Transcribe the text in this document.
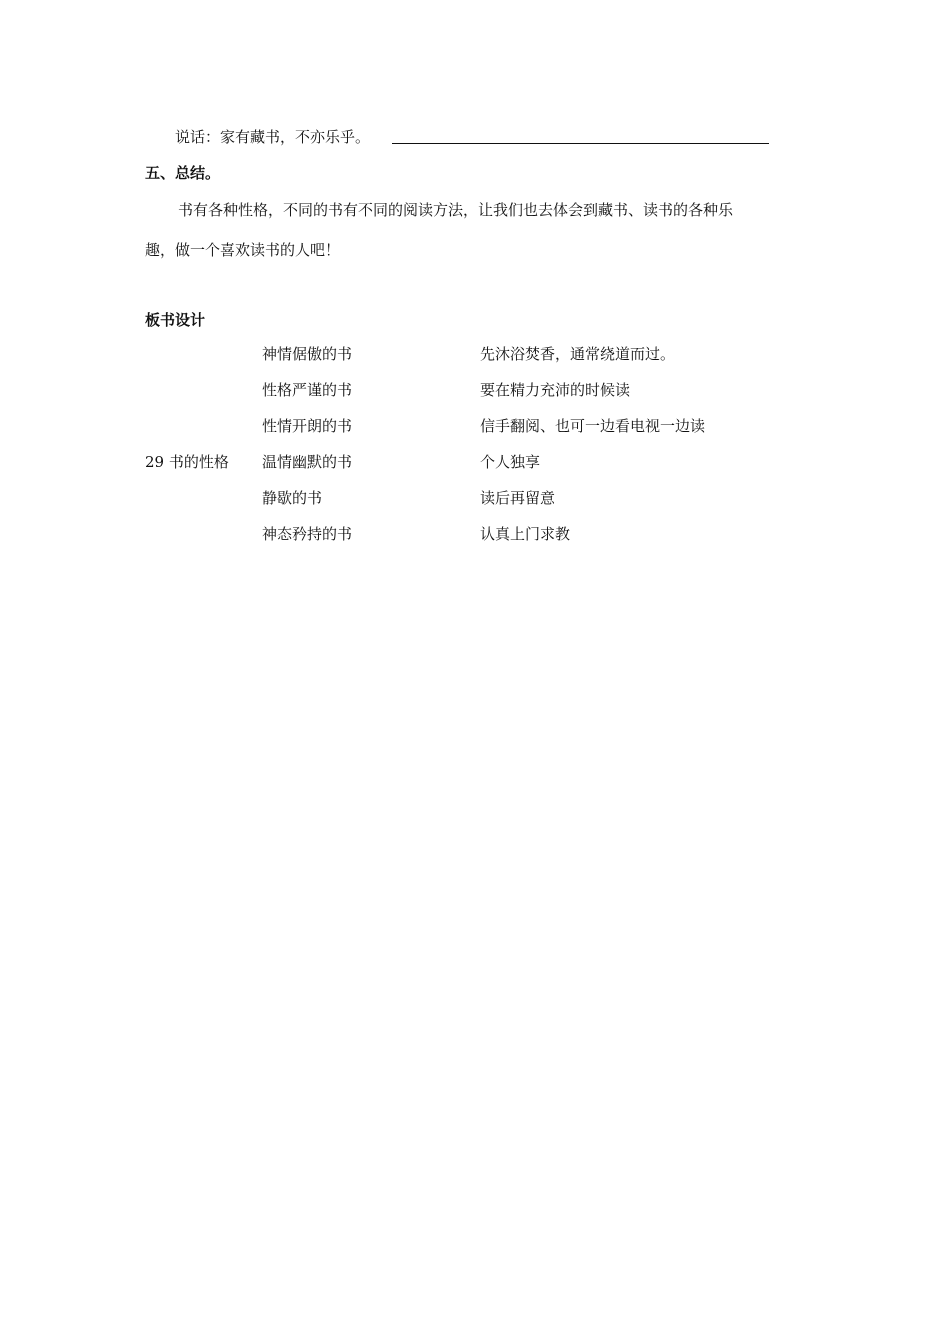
说话：家有藏书，不亦乐乎。
五、总结。
书有各种性格，不同的书有不同的阅读方法，让我们也去体会到藏书、读书的各种乐
趣，做一个喜欢读书的人吧！
板书设计
29 书的性格
神情倨傲的书	先沐浴焚香，通常绕道而过。
性格严谨的书	要在精力充沛的时候读
性情开朗的书	信手翻阅、也可一边看电视一边读
温情幽默的书	个人独享
静歇的书	读后再留意
神态矜持的书	认真上门求教
